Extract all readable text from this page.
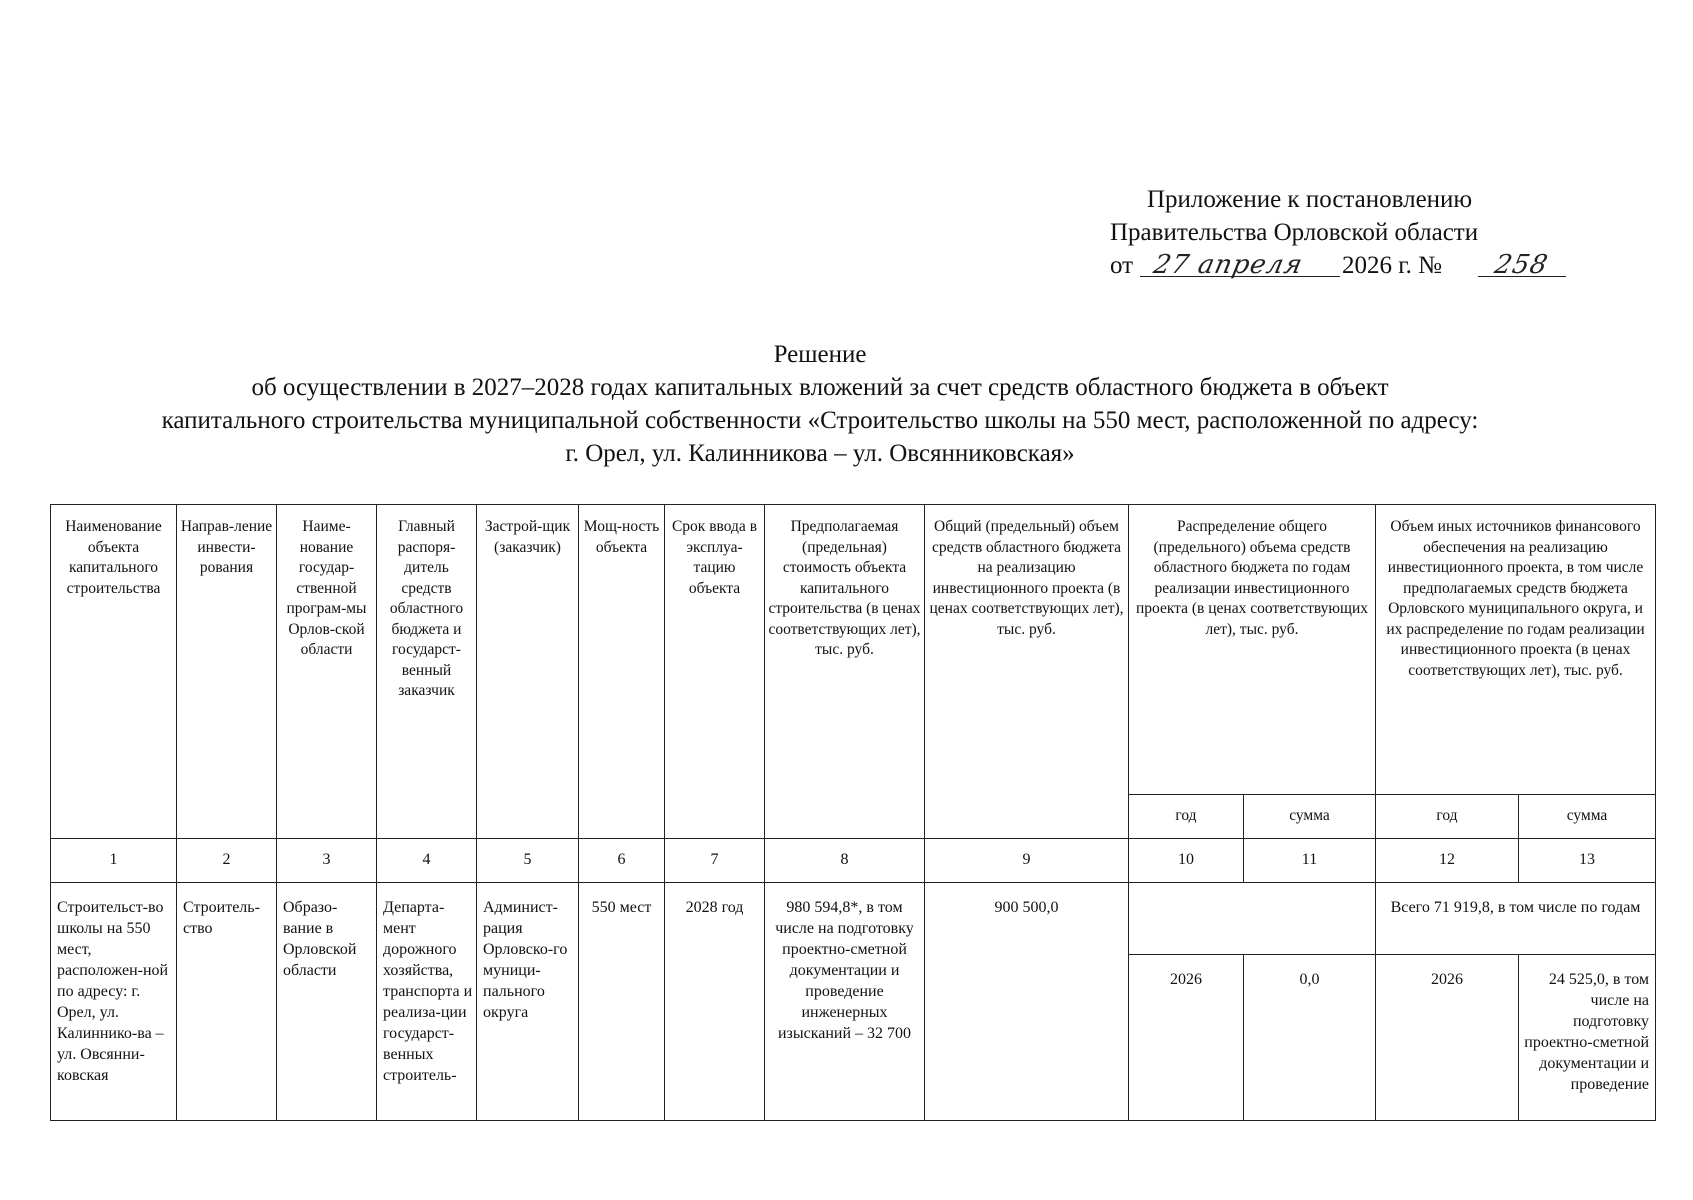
Приложение к постановлению
Правительства Орловской области
от 27 апреля 2026 г. № 258
Решение
об осуществлении в 2027–2028 годах капитальных вложений за счет средств областного бюджета в объект
капитального строительства муниципальной собственности «Строительство школы на 550 мест, расположенной по адресу:
г. Орел, ул. Калинникова – ул. Овсянниковская»
Наименование объекта капитального строительства	Направ-ление инвести-рования	Наиме-нование государ-ственной програм-мы Орлов-ской области	Главный распоря-дитель средств областного бюджета и государст-венный заказчик	Застрой-щик (заказчик)	Мощ-ность объекта	Срок ввода в эксплуа-тацию объекта	Предполагаемая (предельная) стоимость объекта капитального строительства (в ценах соответствующих лет), тыс. руб.	Общий (предельный) объем средств областного бюджета на реализацию инвестиционного проекта (в ценах соответствующих лет), тыс. руб.	Распределение общего (предельного) объема средств областного бюджета по годам реализации инвестиционного проекта (в ценах соответствующих лет), тыс. руб.		Объем иных источников финансового обеспечения на реализацию инвестиционного проекта, в том числе предполагаемых средств бюджета Орловского муниципального округа, и их распределение по годам реализации инвестиционного проекта (в ценах соответствующих лет), тыс. руб.	
									год	сумма	год	сумма
1	2	3	4	5	6	7	8	9	10	11	12	13
Строительст-во школы на 550 мест, расположен-ной по адресу: г. Орел, ул. Калиннико-ва – ул. Овсянни-ковская	Строитель-ство	Образо-вание в Орловской области	Департа-мент дорожного хозяйства, транспорта и реализа-ции государст-венных строитель-	Админист-рация Орловско-го муници-пального округа	550 мест	2028 год	980 594,8*, в том числе на подготовку проектно-сметной документации и проведение инженерных изысканий – 32 700	900 500,0			Всего 71 919,8, в том числе по годам	
									2026	0,0	2026	24 525,0, в том числе на подготовку проектно-сметной документации и проведение
